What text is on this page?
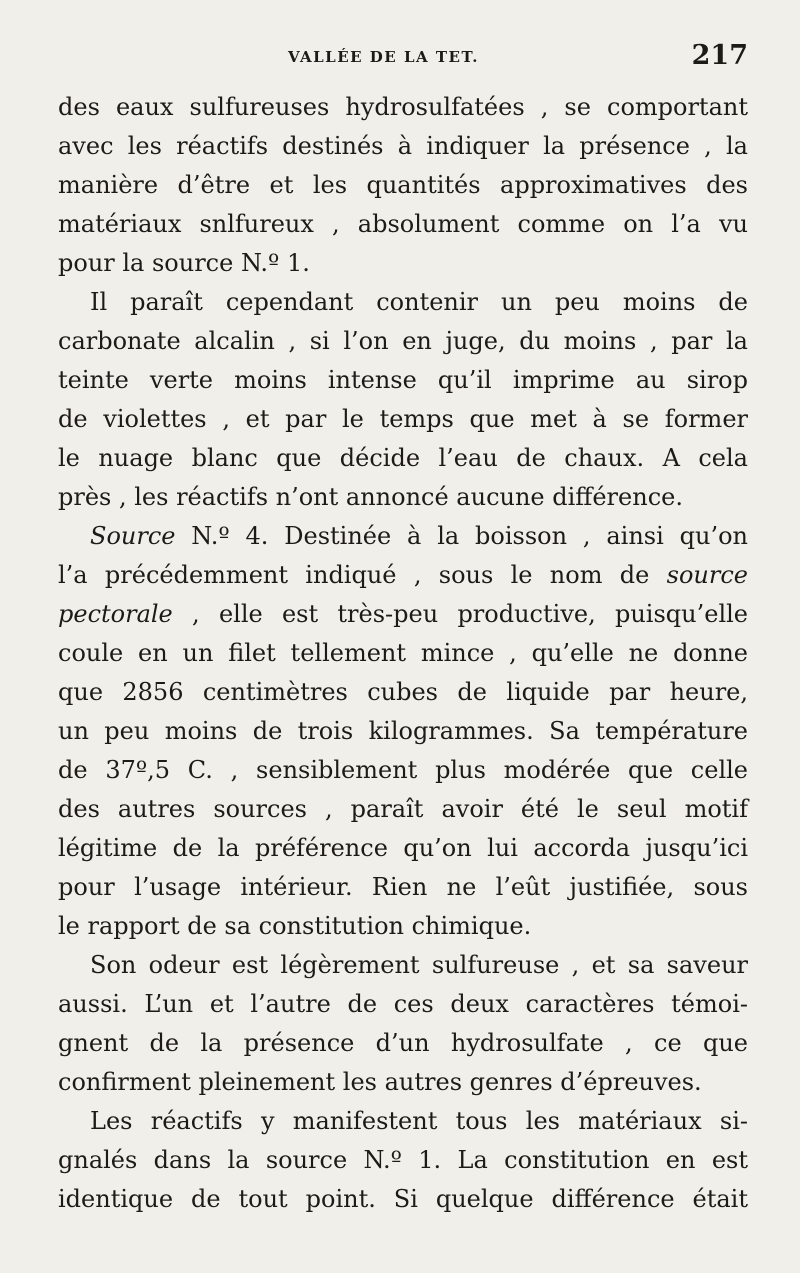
VALLÉE DE LA TET.	217
des eaux sulfureuses hydrosulfatées , se comportant
avec les réactifs destinés à indiquer la présence , la
manière d’être et les quantités approximatives des
matériaux snlfureux , absolument comme on l’a vu
pour la source N.º 1.
Il paraît cependant contenir un peu moins de
carbonate alcalin , si l’on en juge, du moins , par la
teinte verte moins intense qu’il imprime au sirop
de violettes , et par le temps que met à se former
le nuage blanc que décide l’eau de chaux. A cela
près , les réactifs n’ont annoncé aucune différence.
Source N.º 4. Destinée à la boisson , ainsi qu’on
l’a précédemment indiqué , sous le nom de source
pectorale , elle est très-peu productive, puisqu’elle
coule en un filet tellement mince , qu’elle ne donne
que 2856 centimètres cubes de liquide par heure,
un peu moins de trois kilogrammes. Sa température
de 37º,5 C. , sensiblement plus modérée que celle
des autres sources , paraît avoir été le seul motif
légitime de la préférence qu’on lui accorda jusqu’ici
pour l’usage intérieur. Rien ne l’eût justifiée, sous
le rapport de sa constitution chimique.
Son odeur est légèrement sulfureuse , et sa saveur
aussi. L’un et l’autre de ces deux caractères témoi-
gnent de la présence d’un hydrosulfate , ce que
confirment pleinement les autres genres d’épreuves.
Les réactifs y manifestent tous les matériaux si-
gnalés dans la source N.º 1. La constitution en est
identique de tout point. Si quelque différence était
